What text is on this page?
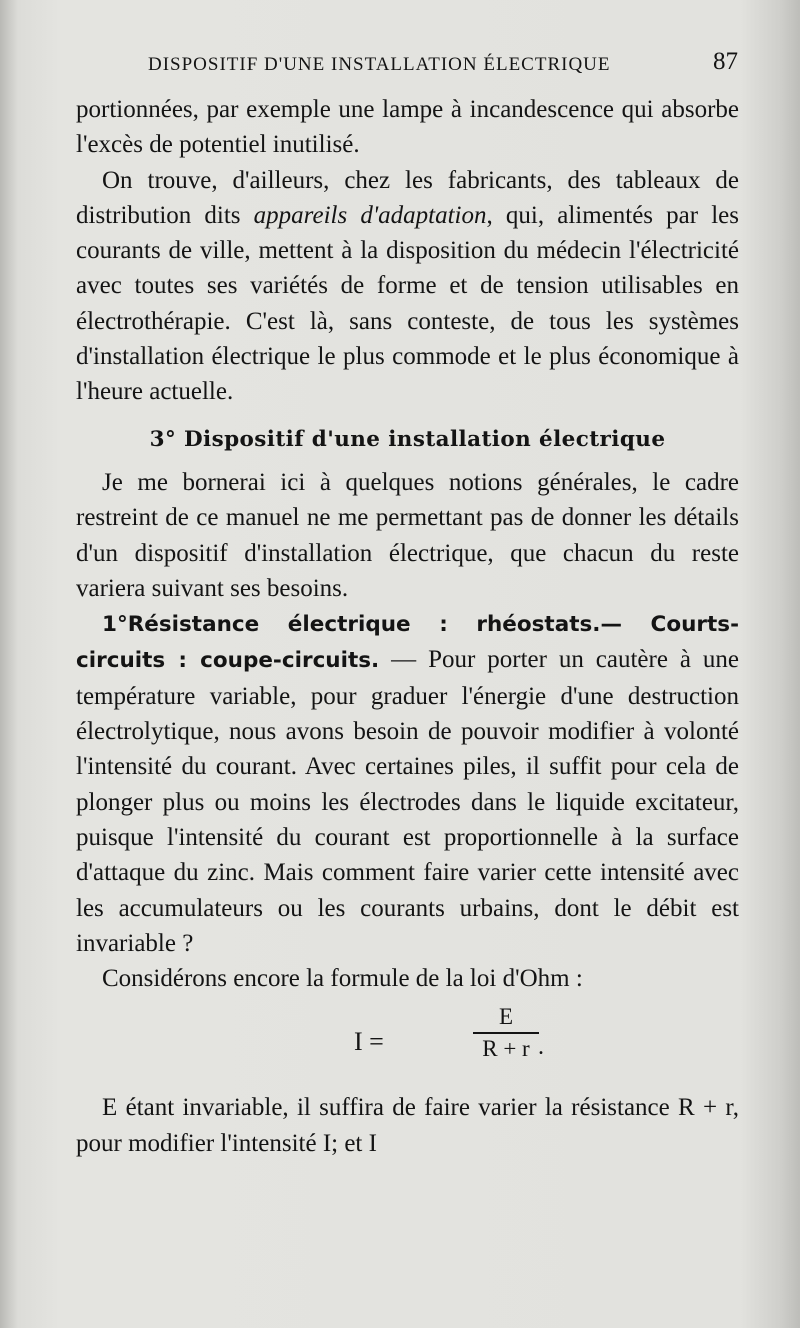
DISPOSITIF D'UNE INSTALLATION ÉLECTRIQUE	87

portionnées, par exemple une lampe à incandescence qui absorbe l'excès de potentiel inutilisé.

On trouve, d'ailleurs, chez les fabricants, des tableaux de distribution dits appareils d'adaptation, qui, alimentés par les courants de ville, mettent à la disposition du médecin l'électricité avec toutes ses variétés de forme et de tension utilisables en électrothérapie. C'est là, sans conteste, de tous les systèmes d'installation électrique le plus commode et le plus économique à l'heure actuelle.

3° Dispositif d'une installation électrique

Je me bornerai ici à quelques notions générales, le cadre restreint de ce manuel ne me permettant pas de donner les détails d'un dispositif d'installation électrique, que chacun du reste variera suivant ses besoins.

1°Résistance électrique : rhéostats.— Courts-circuits : coupe-circuits. — Pour porter un cautère à une température variable, pour graduer l'énergie d'une destruction électrolytique, nous avons besoin de pouvoir modifier à volonté l'intensité du courant. Avec certaines piles, il suffit pour cela de plonger plus ou moins les électrodes dans le liquide excitateur, puisque l'intensité du courant est proportionnelle à la surface d'attaque du zinc. Mais comment faire varier cette intensité avec les accumulateurs ou les courants urbains, dont le débit est invariable ?

Considérons encore la formule de la loi d'Ohm :

I =
E
R + r .

E étant invariable, il suffira de faire varier la résistance R + r, pour modifier l'intensité I; et I
